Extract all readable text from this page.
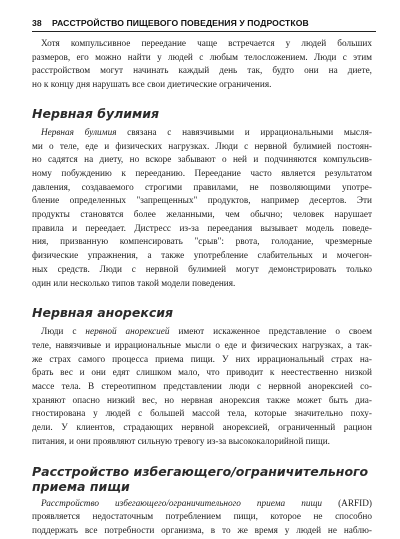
38 РАССТРОЙСТВО ПИЩЕВОГО ПОВЕДЕНИЯ У ПОДРОСТКОВ

Хотя компульсивное переедание чаще встречается у людей больших
размеров, его можно найти у людей с любым телосложением. Люди с этим
расстройством могут начинать каждый день так, будто они на диете,
но к концу дня нарушать все свои диетические ограничения.

Нервная булимия

Нервная булимия связана с навязчивыми и иррациональными мысля-
ми о теле, еде и физических нагрузках. Люди с нервной булимией постоян-
но садятся на диету, но вскоре забывают о ней и подчиняются компульсив-
ному побуждению к перееданию. Переедание часто является результатом
давления, создаваемого строгими правилами, не позволяющими употре-
бление определенных "запрещенных" продуктов, например десертов. Эти
продукты становятся более желанными, чем обычно; человек нарушает
правила и переедает. Дистресс из-за переедания вызывает модель поведе-
ния, призванную компенсировать "срыв": рвота, голодание, чрезмерные
физические упражнения, а также употребление слабительных и мочегон-
ных средств. Люди с нервной булимией могут демонстрировать только
один или несколько типов такой модели поведения.

Нервная анорексия

Люди с нервной анорексией имеют искаженное представление о своем
теле, навязчивые и иррациональные мысли о еде и физических нагрузках, а так-
же страх самого процесса приема пищи. У них иррациональный страх на-
брать вес и они едят слишком мало, что приводит к неестественно низкой
массе тела. В стереотипном представлении люди с нервной анорексией со-
храняют опасно низкий вес, но нервная анорексия также может быть диа-
гностирована у людей с большей массой тела, которые значительно поху-
дели. У клиентов, страдающих нервной анорексией, ограниченный рацион
питания, и они проявляют сильную тревогу из-за высококалорийной пищи.

Расстройство избегающего/ограничительного
приема пищи

Расстройство избегающего/ограничительного приема пищи (ARFID)
проявляется недостаточным потреблением пищи, которое не способно
поддержать все потребности организма, в то же время у людей не наблю-
